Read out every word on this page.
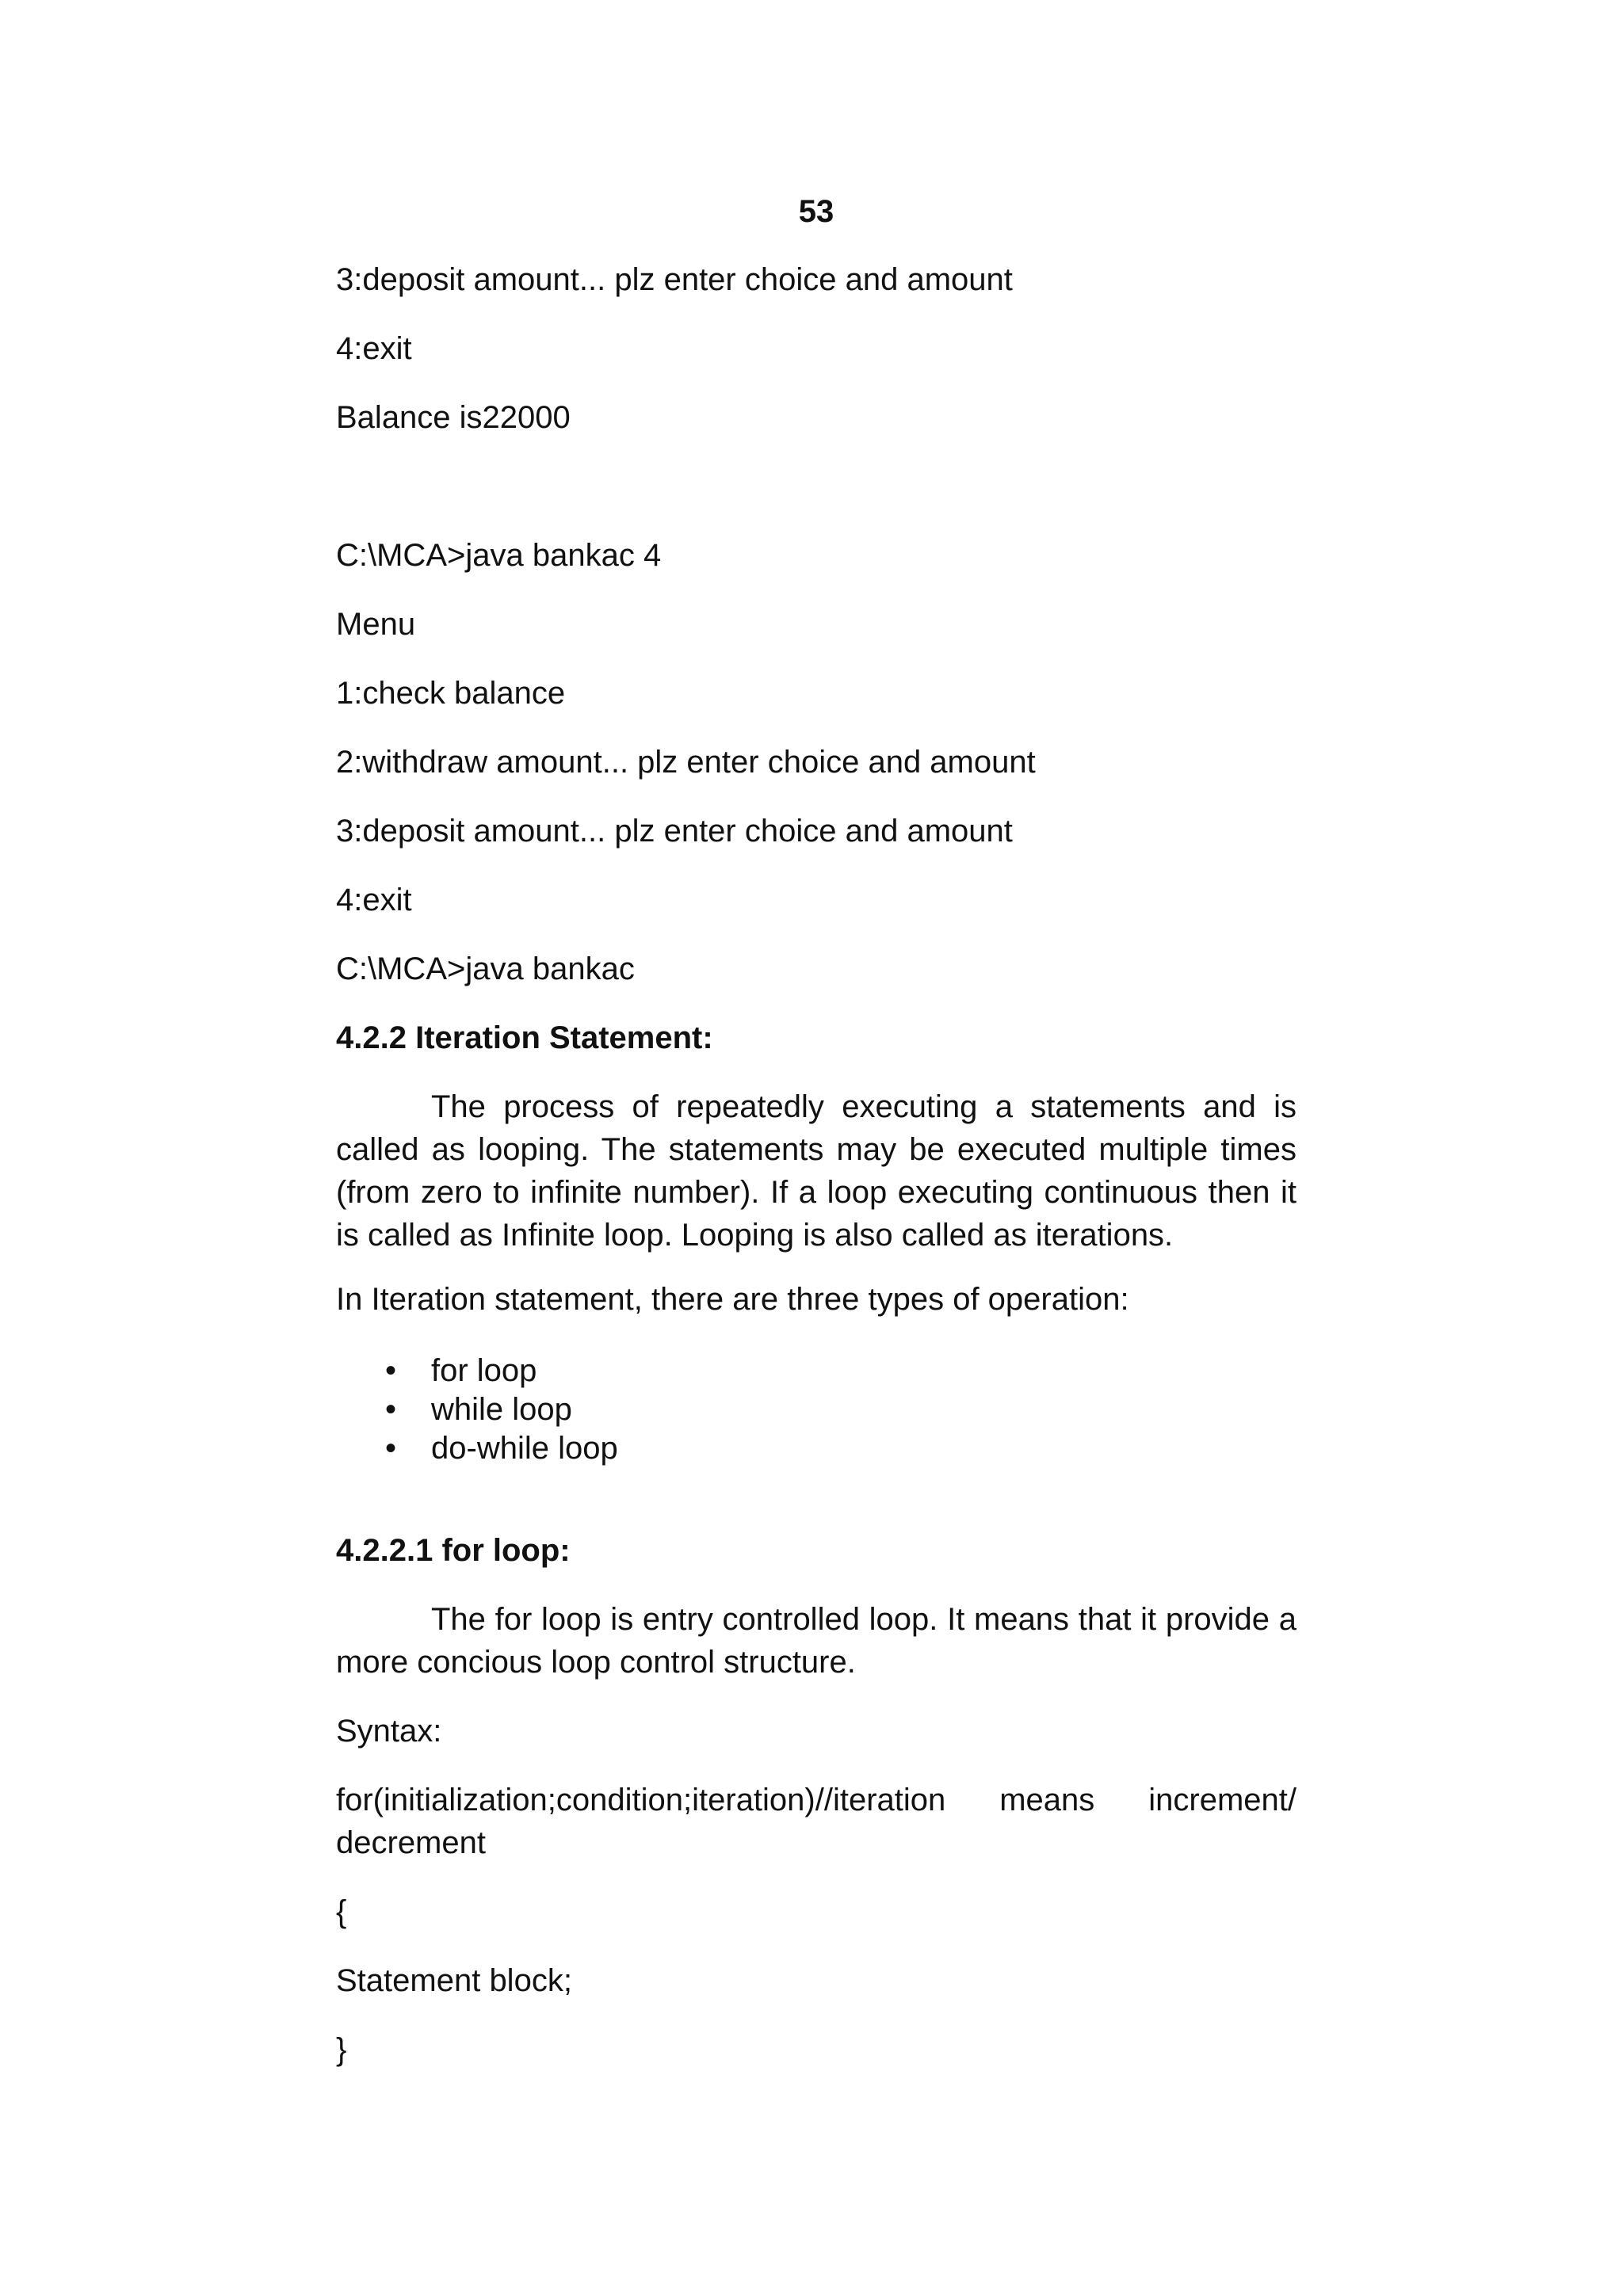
53
3:deposit amount... plz enter choice and amount
4:exit
Balance is22000
C:\MCA>java bankac 4
Menu
1:check balance
2:withdraw amount... plz enter choice and amount
3:deposit amount... plz enter choice and amount
4:exit
C:\MCA>java bankac
4.2.2 Iteration Statement:
The process of repeatedly executing a statements and is called as looping. The statements may be executed multiple times (from zero to infinite number). If a loop executing continuous then it is called as Infinite loop. Looping is also called as iterations.
In Iteration statement, there are three types of operation:
• for loop
• while loop
• do-while loop
4.2.2.1 for loop:
The for loop is entry controlled loop. It means that it provide a more concious loop control structure.
Syntax:
for(initialization;condition;iteration)//iteration means increment/
decrement
{
Statement block;
}
